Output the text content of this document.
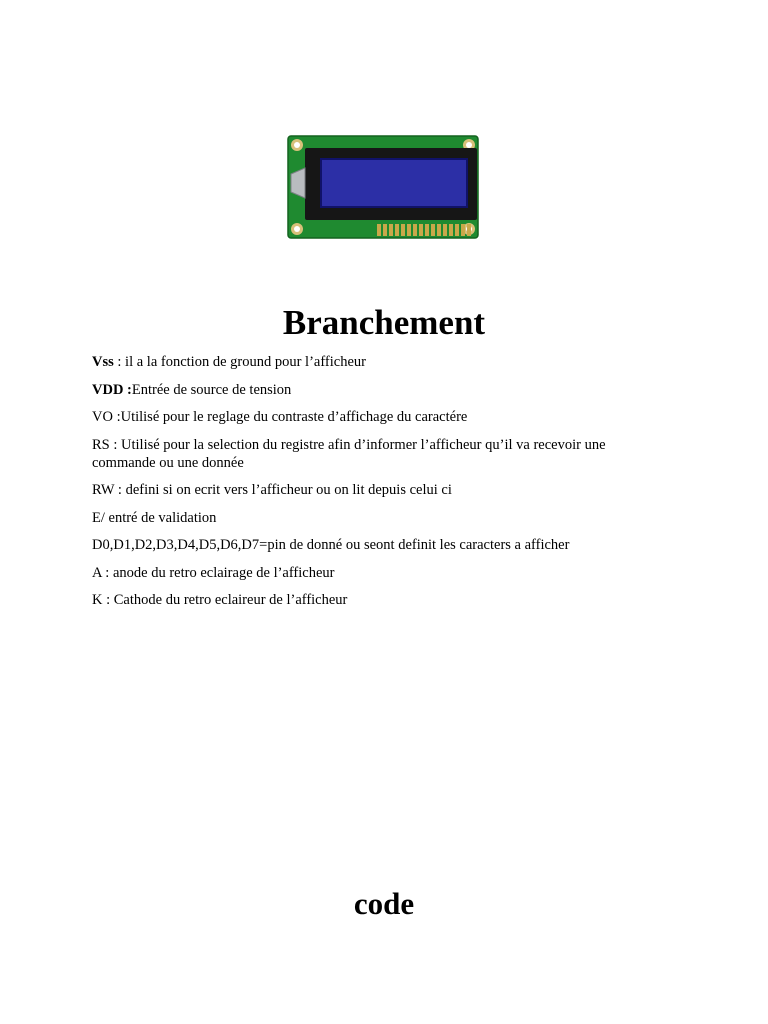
Branchement
Vss : il a la fonction de ground pour l’afficheur
VDD :Entrée de source de tension
VO :Utilisé pour le reglage du contraste d’affichage du caractére
RS : Utilisé pour la selection du registre afin d’informer l’afficheur qu’il va recevoir une commande ou une donnée
RW : defini si on ecrit vers l’afficheur ou on lit depuis celui ci
E/ entré de validation
D0,D1,D2,D3,D4,D5,D6,D7=pin de donné ou seont definit les caracters a afficher
A : anode du retro eclairage de l’afficheur
K : Cathode du retro eclaireur de l’afficheur
code
